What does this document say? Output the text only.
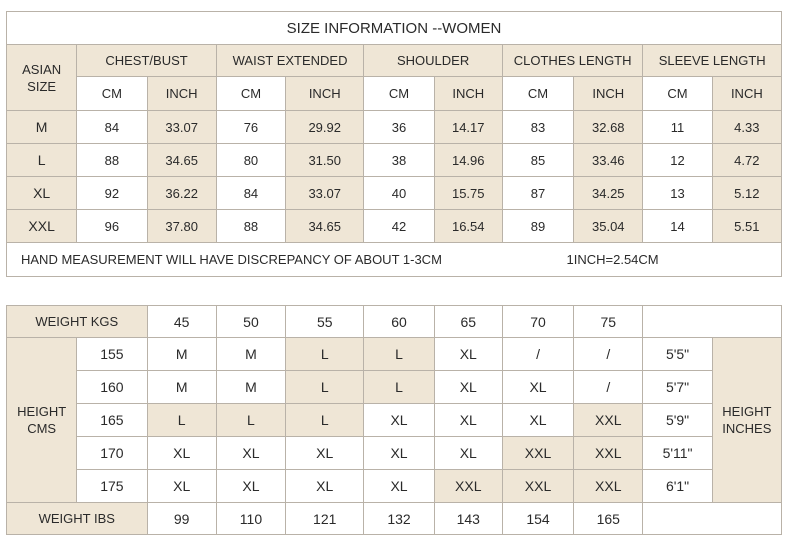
SIZE INFORMATION --WOMEN										

ASIAN SIZE	CHEST/BUST		WAIST EXTENDED		SHOULDER		CLOTHES LENGTH		SLEEVE LENGTH	
	CM	INCH	CM	INCH	CM	INCH	CM	INCH	CM	INCH
M	84	33.07	76	29.92	36	14.17	83	32.68	11	4.33
L	88	34.65	80	31.50	38	14.96	85	33.46	12	4.72
XL	92	36.22	84	33.07	40	15.75	87	34.25	13	5.12
XXL	96	37.80	88	34.65	42	16.54	89	35.04	14	5.51
HAND MEASUREMENT WILL HAVE DISCREPANCY OF ABOUT 1-3CM 1INCH=2.54CM										
WEIGHT KGS		45	50	55	60	65	70	75		

HEIGHT CMS	155	M	M	L	L	XL	/	/	5'5"	HEIGHT INCHES

	160	M	M	L	L	XL	XL	/	5'7"	
	165	L	L	L	XL	XL	XL	XXL	5'9"	
	170	XL	XL	XL	XL	XL	XXL	XXL	5'11"	
	175	XL	XL	XL	XL	XXL	XXL	XXL	6'1"	
WEIGHT IBS		99	110	121	132	143	154	165		
